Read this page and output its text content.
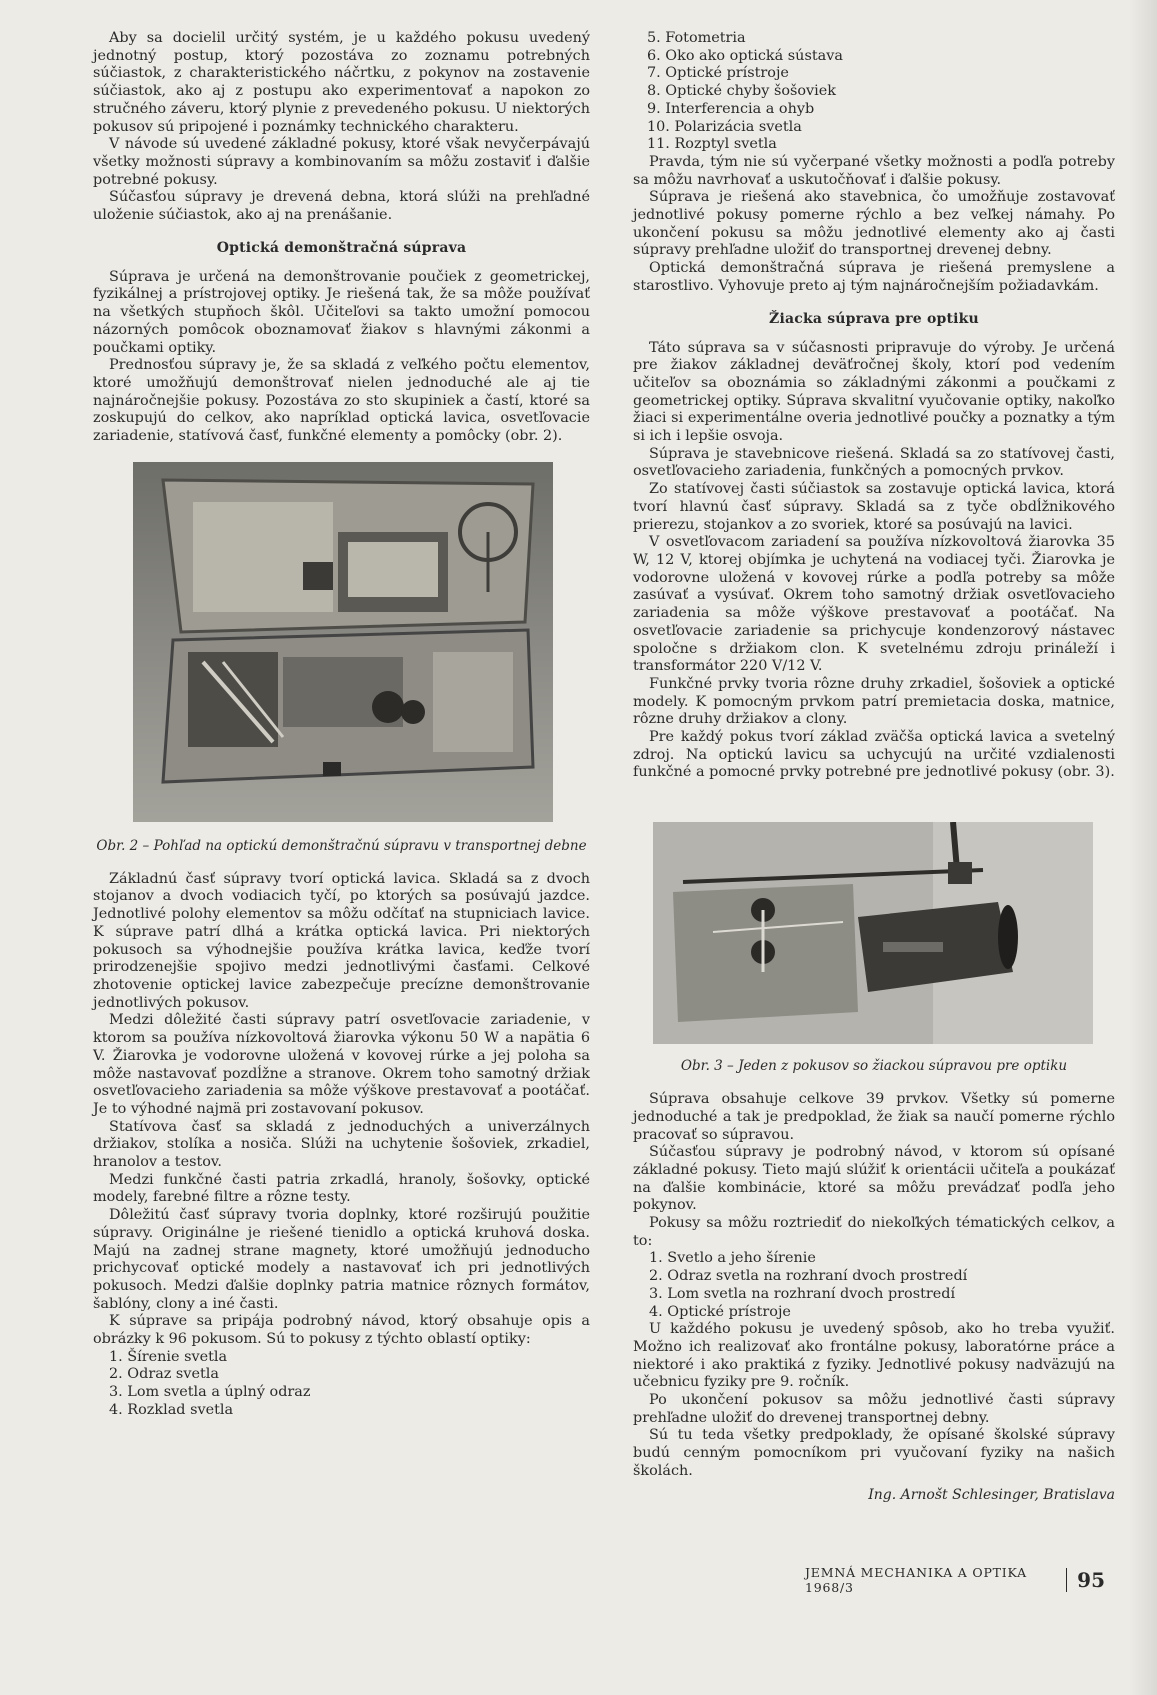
Aby sa docielil určitý systém, je u každého pokusu uvedený jednotný postup, ktorý pozostáva zo zoznamu potrebných súčiastok, z charakteristického náčrtku, z pokynov na zostavenie súčiastok, ako aj z postupu ako experimentovať a napokon zo stručného záveru, ktorý plynie z prevedeného pokusu. U niektorých pokusov sú pripojené i poznámky technického charakteru.

V návode sú uvedené základné pokusy, ktoré však nevyčerpávajú všetky možnosti súpravy a kombinovaním sa môžu zostaviť i ďalšie potrebné pokusy.

Súčasťou súpravy je drevená debna, ktorá slúži na prehľadné uloženie súčiastok, ako aj na prenášanie.

Optická demonštračná súprava

Súprava je určená na demonštrovanie poučiek z geometrickej, fyzikálnej a prístrojovej optiky. Je riešená tak, že sa môže používať na všetkých stupňoch škôl. Učiteľovi sa takto umožní pomocou názorných pomôcok oboznamovať žiakov s hlavnými zákonmi a poučkami optiky.

Prednosťou súpravy je, že sa skladá z veľkého počtu elementov, ktoré umožňujú demonštrovať nielen jednoduché ale aj tie najnáročnejšie pokusy. Pozostáva zo sto skupiniek a častí, ktoré sa zoskupujú do celkov, ako napríklad optická lavica, osvetľovacie zariadenie, statívová časť, funkčné elementy a pomôcky (obr. 2).

Obr. 2 – Pohľad na optickú demonštračnú súpravu v transportnej debne

Základnú časť súpravy tvorí optická lavica. Skladá sa z dvoch stojanov a dvoch vodiacich tyčí, po ktorých sa posúvajú jazdce. Jednotlivé polohy elementov sa môžu odčítať na stupniciach lavice. K súprave patrí dlhá a krátka optická lavica. Pri niektorých pokusoch sa výhodnejšie používa krátka lavica, keďže tvorí prirodzenejšie spojivo medzi jednotlivými časťami. Celkové zhotovenie optickej lavice zabezpečuje precízne demonštrovanie jednotlivých pokusov.

Medzi dôležité časti súpravy patrí osvetľovacie zariadenie, v ktorom sa používa nízkovoltová žiarovka výkonu 50 W a napätia 6 V. Žiarovka je vodorovne uložená v kovovej rúrke a jej poloha sa môže nastavovať pozdĺžne a stranove. Okrem toho samotný držiak osvetľovacieho zariadenia sa môže výškove prestavovať a pootáčať. Je to výhodné najmä pri zostavovaní pokusov.

Statívova časť sa skladá z jednoduchých a univerzálnych držiakov, stolíka a nosiča. Slúži na uchytenie šošoviek, zrkadiel, hranolov a testov.

Medzi funkčné časti patria zrkadlá, hranoly, šošovky, optické modely, farebné filtre a rôzne testy.

Dôležitú časť súpravy tvoria doplnky, ktoré rozširujú použitie súpravy. Originálne je riešené tienidlo a optická kruhová doska. Majú na zadnej strane magnety, ktoré umožňujú jednoducho prichycovať optické modely a nastavovať ich pri jednotlivých pokusoch. Medzi ďalšie doplnky patria matnice rôznych formátov, šablóny, clony a iné časti.

K súprave sa pripája podrobný návod, ktorý obsahuje opis a obrázky k 96 pokusom. Sú to pokusy z týchto oblastí optiky:

1. Šírenie svetla
2. Odraz svetla
3. Lom svetla a úplný odraz
4. Rozklad svetla
5. Fotometria
6. Oko ako optická sústava
7. Optické prístroje
8. Optické chyby šošoviek
9. Interferencia a ohyb
10. Polarizácia svetla
11. Rozptyl svetla

Pravda, tým nie sú vyčerpané všetky možnosti a podľa potreby sa môžu navrhovať a uskutočňovať i ďalšie pokusy.

Súprava je riešená ako stavebnica, čo umožňuje zostavovať jednotlivé pokusy pomerne rýchlo a bez veľkej námahy. Po ukončení pokusu sa môžu jednotlivé elementy ako aj časti súpravy prehľadne uložiť do transportnej drevenej debny.

Optická demonštračná súprava je riešená premyslene a starostlivo. Vyhovuje preto aj tým najnáročnejším požiadavkám.

Žiacka súprava pre optiku

Táto súprava sa v súčasnosti pripravuje do výroby. Je určená pre žiakov základnej deväťročnej školy, ktorí pod vedením učiteľov sa oboznámia so základnými zákonmi a poučkami z geometrickej optiky. Súprava skvalitní vyučovanie optiky, nakoľko žiaci si experimentálne overia jednotlivé poučky a poznatky a tým si ich i lepšie osvoja.

Súprava je stavebnicove riešená. Skladá sa zo statívovej časti, osvetľovacieho zariadenia, funkčných a pomocných prvkov.

Zo statívovej časti súčiastok sa zostavuje optická lavica, ktorá tvorí hlavnú časť súpravy. Skladá sa z tyče obdĺžnikového prierezu, stojankov a zo svoriek, ktoré sa posúvajú na lavici.

V osvetľovacom zariadení sa používa nízkovoltová žiarovka 35 W, 12 V, ktorej objímka je uchytená na vodiacej tyči. Žiarovka je vodorovne uložená v kovovej rúrke a podľa potreby sa môže zasúvať a vysúvať. Okrem toho samotný držiak osvetľovacieho zariadenia sa môže výškove prestavovať a pootáčať. Na osvetľovacie zariadenie sa prichycuje kondenzorový nástavec spoločne s držiakom clon. K svetelnému zdroju prináleží i transformátor 220 V/12 V.

Funkčné prvky tvoria rôzne druhy zrkadiel, šošoviek a optické modely. K pomocným prvkom patrí premietacia doska, matnice, rôzne druhy držiakov a clony.

Pre každý pokus tvorí základ zväčša optická lavica a svetelný zdroj. Na optickú lavicu sa uchycujú na určité vzdialenosti funkčné a pomocné prvky potrebné pre jednotlivé pokusy (obr. 3).

Obr. 3 – Jeden z pokusov so žiackou súpravou pre optiku

Súprava obsahuje celkove 39 prvkov. Všetky sú pomerne jednoduché a tak je predpoklad, že žiak sa naučí pomerne rýchlo pracovať so súpravou.

Súčasťou súpravy je podrobný návod, v ktorom sú opísané základné pokusy. Tieto majú slúžiť k orientácii učiteľa a poukázať na ďalšie kombinácie, ktoré sa môžu prevádzať podľa jeho pokynov.

Pokusy sa môžu roztriediť do niekoľkých tématických celkov, a to:

1. Svetlo a jeho šírenie
2. Odraz svetla na rozhraní dvoch prostredí
3. Lom svetla na rozhraní dvoch prostredí
4. Optické prístroje

U každého pokusu je uvedený spôsob, ako ho treba využiť. Možno ich realizovať ako frontálne pokusy, laboratórne práce a niektoré i ako praktiká z fyziky. Jednotlivé pokusy nadväzujú na učebnicu fyziky pre 9. ročník.

Po ukončení pokusov sa môžu jednotlivé časti súpravy prehľadne uložiť do drevenej transportnej debny.

Sú tu teda všetky predpoklady, že opísané školské súpravy budú cenným pomocníkom pri vyučovaní fyziky na našich školách.

Ing. Arnošt Schlesinger, Bratislava
JEMNÁ MECHANIKA A OPTIKA 1968/3	95
